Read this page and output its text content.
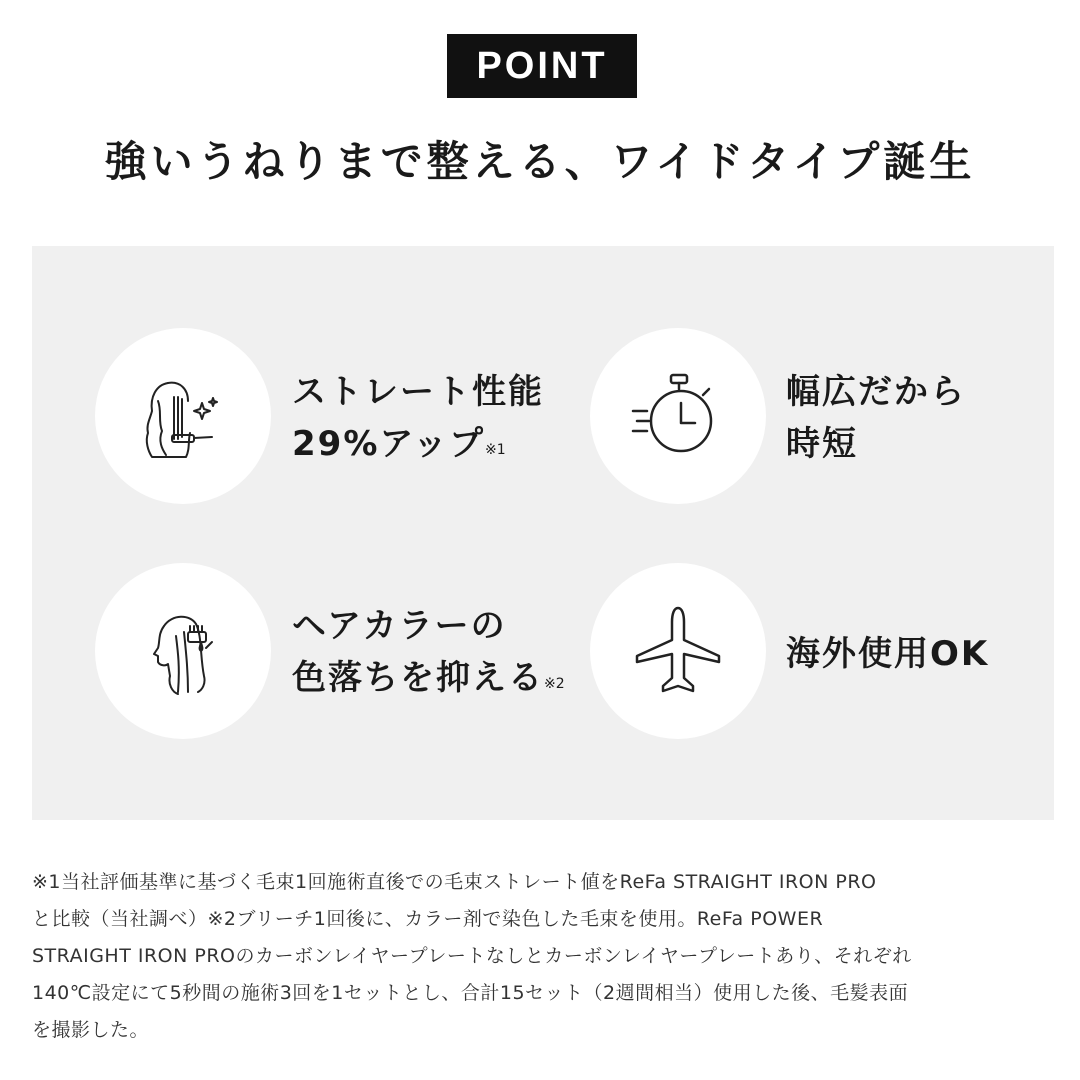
POINT
強いうねりまで整える、ワイドタイプ誕生
ストレート性能
29%アップ$^{※1}$
幅広だから
時短
ヘアカラーの
色落ちを抑える$^{※2}$
海外使用OK

※1当社評価基準に基づく毛束1回施術直後での毛束ストレート値をReFa STRAIGHT IRON PRO

と比較（当社調べ）※2ブリーチ1回後に、カラー剤で染色した毛束を使用。ReFa POWER

STRAIGHT IRON PROのカーボンレイヤープレートなしとカーボンレイヤープレートあり、それぞれ

140℃設定にて5秒間の施術3回を1セットとし、合計15セット（2週間相当）使用した後、毛髪表面

を撮影した。
